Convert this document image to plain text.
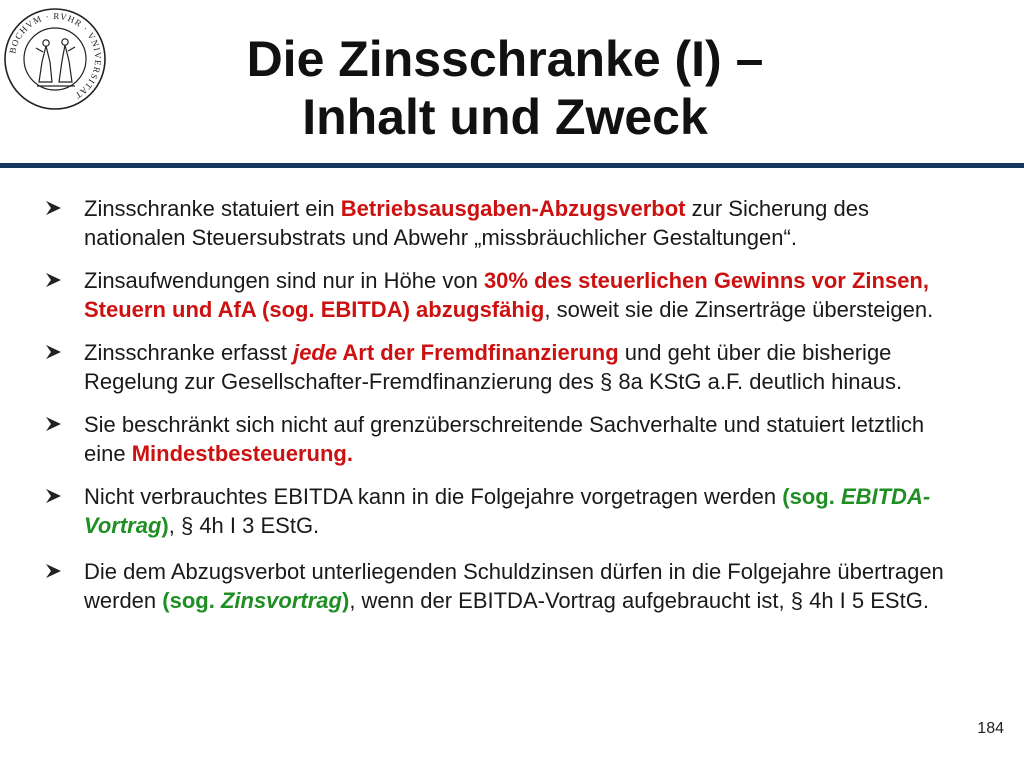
BOCHVM · RVHR · VNIVERSITAT
Die Zinsschranke (I) –
Inhalt und Zweck
Zinsschranke statuiert ein Betriebsausgaben-Abzugsverbot zur Sicherung des nationalen Steuersubstrats und Abwehr „missbräuchlicher Gestaltungen“.
Zinsaufwendungen sind nur in Höhe von 30% des steuerlichen Gewinns vor Zinsen, Steuern und AfA (sog. EBITDA) abzugsfähig, soweit sie die Zinserträge übersteigen.
Zinsschranke erfasst jede Art der Fremdfinanzierung und geht über die bisherige Regelung zur Gesellschafter-Fremdfinanzierung des § 8a KStG a.F. deutlich hinaus.
Sie beschränkt sich nicht auf grenzüberschreitende Sachverhalte und statuiert letztlich eine Mindestbesteuerung.
Nicht verbrauchtes EBITDA kann in die Folgejahre vorgetragen werden (sog. EBITDA-Vortrag), § 4h I 3 EStG.
Die dem Abzugsverbot unterliegenden Schuldzinsen dürfen in die Folgejahre übertragen werden (sog. Zinsvortrag), wenn der EBITDA-Vortrag aufgebraucht ist, § 4h I 5 EStG.
184
